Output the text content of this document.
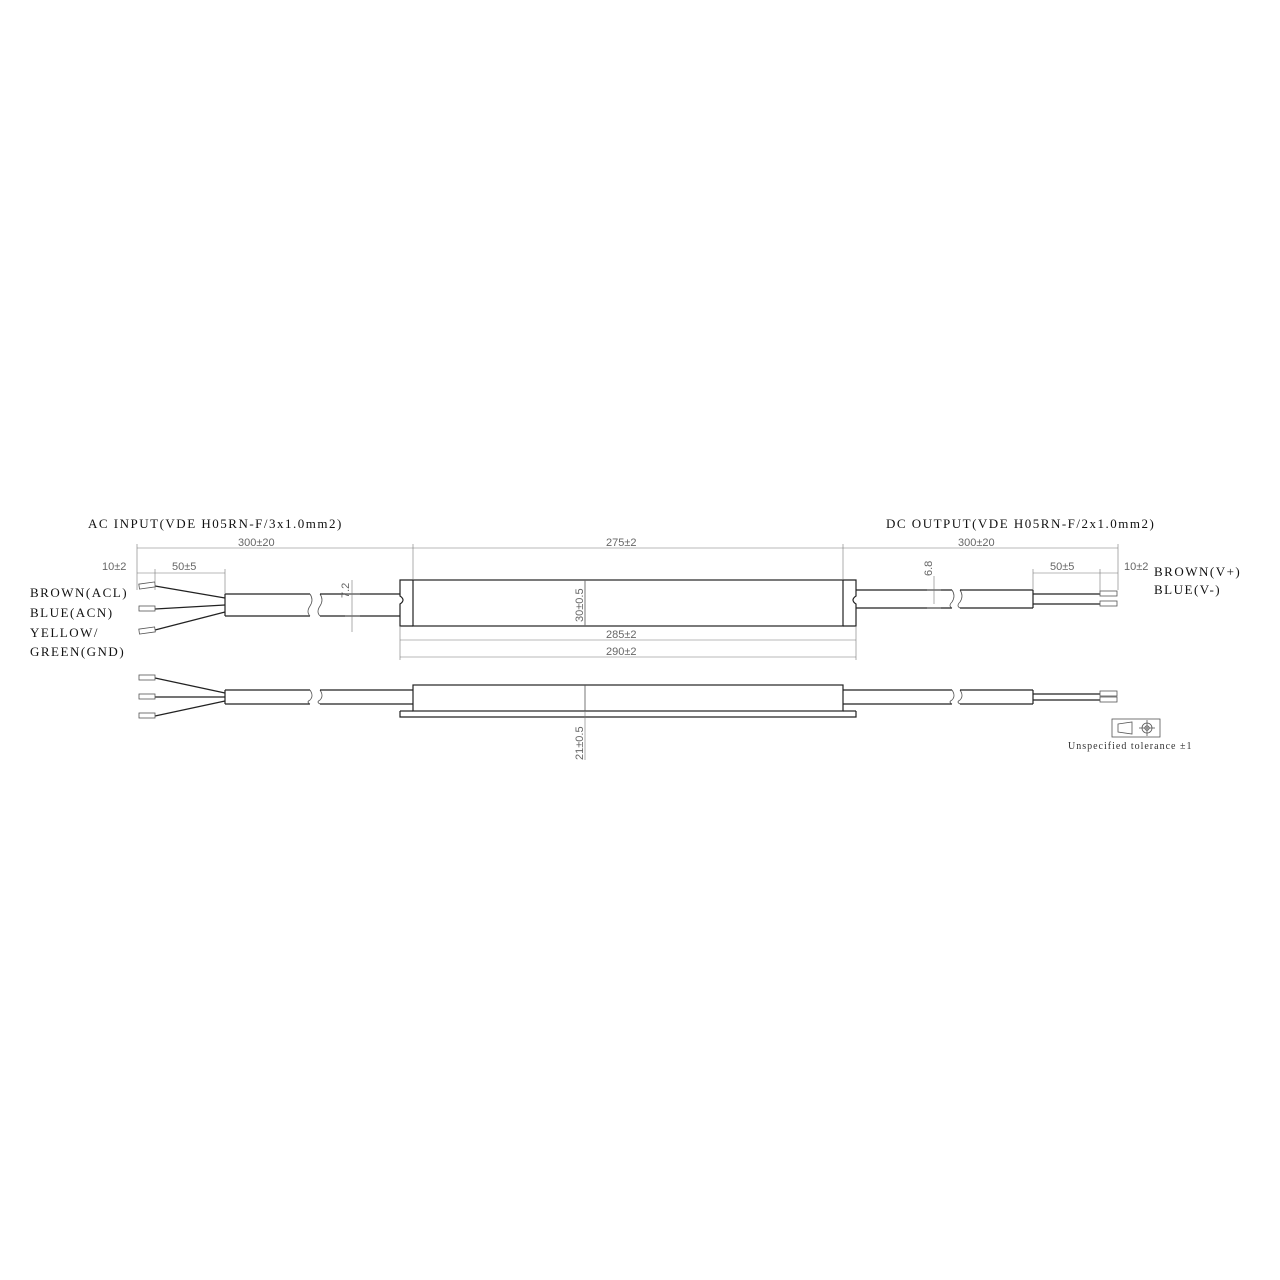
300±20	275±2	300±20
10±2	50±5	50±5	10±2
285±2
290±2
30±0.5
7.2
6.8
AC INPUT(VDE H05RN-F/3x1.0mm2)	DC OUTPUT(VDE H05RN-F/2x1.0mm2)
BROWN(ACL)
BLUE(ACN)
YELLOW/
GREEN(GND)
BROWN(V+)
BLUE(V-)
21±0.5	Unspecified tolerance ±1
